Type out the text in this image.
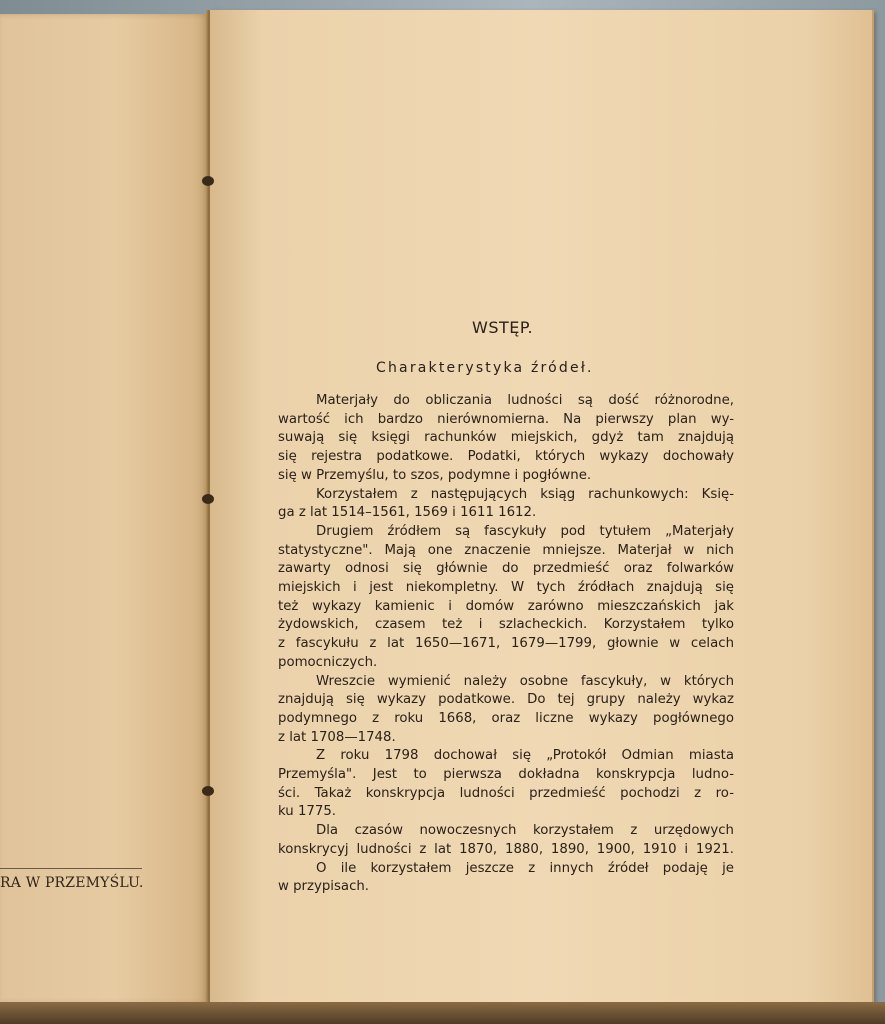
RA W PRZEMYŚLU.
WSTĘP.
Charakterystyka źródeł.
Materjały do obliczania ludności są dość różnorodne,
wartość ich bardzo nierównomierna. Na pierwszy plan wy-
suwają się księgi rachunków miejskich, gdyż tam znajdują
się rejestra podatkowe. Podatki, których wykazy dochowały
się w Przemyślu, to szos, podymne i pogłówne.
Korzystałem z następujących ksiąg rachunkowych: Księ-
ga z lat 1514–1561, 1569 i 1611 1612.
Drugiem źródłem są fascykuły pod tytułem „Materjały
statystyczne". Mają one znaczenie mniejsze. Materjał w nich
zawarty odnosi się głównie do przedmieść oraz folwarków
miejskich i jest niekompletny. W tych źródłach znajdują się
też wykazy kamienic i domów zarówno mieszczańskich jak
żydowskich, czasem też i szlacheckich. Korzystałem tylko
z fascykułu z lat 1650—1671, 1679—1799, głownie w celach
pomocniczych.
Wreszcie wymienić należy osobne fascykuły, w których
znajdują się wykazy podatkowe. Do tej grupy należy wykaz
podymnego z roku 1668, oraz liczne wykazy pogłównego
z lat 1708—1748.
Z roku 1798 dochował się „Protokół Odmian miasta
Przemyśla". Jest to pierwsza dokładna konskrypcja ludno-
ści. Takaż konskrypcja ludności przedmieść pochodzi z ro-
ku 1775.
Dla czasów nowoczesnych korzystałem z urzędowych
konskrycyj ludności z lat 1870, 1880, 1890, 1900, 1910 i 1921.
O ile korzystałem jeszcze z innych źródeł podaję je
w przypisach.
